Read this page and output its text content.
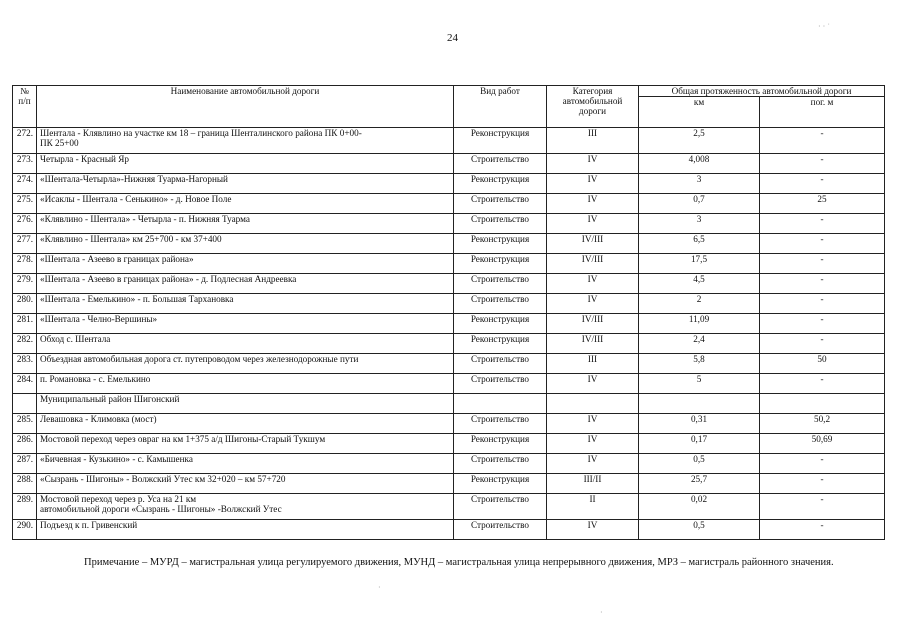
24
· · ˙
№ п/п	Наименование автомобильной дороги	Вид работ	Категория автомобильной дороги	Общая протяженность автомобильной дороги	
				км	пог. м
272.	Шентала - Клявлино на участке км 18 – граница Шенталинского района ПК 0+00-
ПК 25+00	Реконструкция	III	2,5	-
273.	Четырла - Красный Яр	Строительство	IV	4,008	-
274.	«Шентала-Четырла»-Нижняя Туарма-Нагорный	Реконструкция	IV	3	-
275.	«Исаклы - Шентала - Сенькино» - д. Новое Поле	Строительство	IV	0,7	25
276.	«Клявлино - Шентала» - Четырла - п. Нижняя Туарма	Строительство	IV	3	-
277.	«Клявлино - Шентала» км 25+700 - км 37+400	Реконструкция	IV/III	6,5	-
278.	«Шентала - Азеево в границах района»	Реконструкция	IV/III	17,5	-
279.	«Шентала - Азеево в границах района» - д. Подлесная Андреевка	Строительство	IV	4,5	-
280.	«Шентала - Емелькино» - п. Большая Тархановка	Строительство	IV	2	-
281.	«Шентала - Челно-Вершины»	Реконструкция	IV/III	11,09	-
282.	Обход с. Шентала	Реконструкция	IV/III	2,4	-
283.	Объездная автомобильная дорога ст. путепроводом через железнодорожные пути	Строительство	III	5,8	50
284.	п. Романовка - с. Емелькино	Строительство	IV	5	-

	Муниципальный район Шигонский				

285.	Левашовка - Климовка (мост)	Строительство	IV	0,31	50,2
286.	Мостовой переход через овраг на км 1+375 а/д Шигоны-Старый Тукшум	Реконструкция	IV	0,17	50,69
287.	«Бичевная - Кузькино» - с. Камышенка	Строительство	IV	0,5	-
288.	«Сызрань - Шигоны» - Волжский Утес км 32+020 – км 57+720	Реконструкция	III/II	25,7	-
289.	Мостовой переход через р. Уса на 21 км
автомобильной дороги «Сызрань - Шигоны» -Волжский Утес	Строительство	II	0,02	-
290.	Подъезд к п. Гривенский	Строительство	IV	0,5	-
Примечание – МУРД – магистральная улица регулируемого движения, МУНД – магистральная улица непрерывного движения, МРЗ – магистраль районного значения.
·
·
